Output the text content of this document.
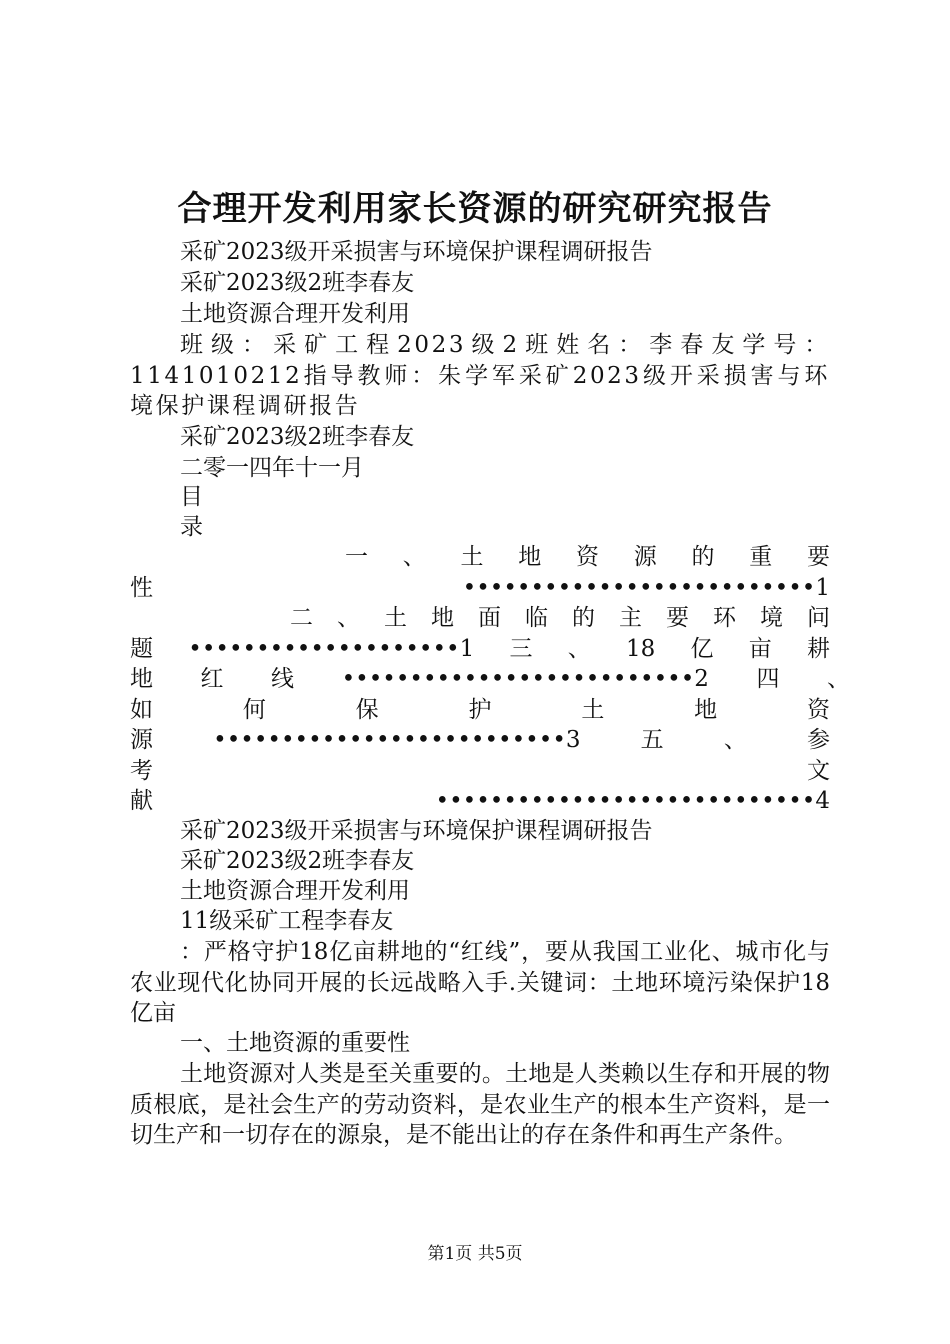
合理开发利用家长资源的研究研究报告
采矿2023级开采损害与环境保护课程调研报告
采矿2023级2班李春友
土地资源合理开发利用
班级：采矿工程2023级2班姓名：李春友学号：1141010212指导教师：朱学军采矿2023级开采损害与环境保护课程调研报告
采矿2023级2班李春友
二零一四年十一月
目
录
一、土地资源的重要
性••••••••••••••••••••••••••1
二、土地面临的主要环境问
题••••••••••••••••••••1三、18亿亩耕
地红线••••••••••••••••••••••••••2四、
如何保护土地资
源••••••••••••••••••••••••••3五、参
考文
献••••••••••••••••••••••••••••4
采矿2023级开采损害与环境保护课程调研报告
采矿2023级2班李春友
土地资源合理开发利用
11级采矿工程李春友
：严格守护18亿亩耕地的“红线”，要从我国工业化、城市化与农业现代化协同开展的长远战略入手.关键词：土地环境污染保护18亿亩
一、土地资源的重要性
土地资源对人类是至关重要的。土地是人类赖以生存和开展的物质根底，是社会生产的劳动资料，是农业生产的根本生产资料，是一切生产和一切存在的源泉，是不能出让的存在条件和再生产条件。
第1页 共5页
